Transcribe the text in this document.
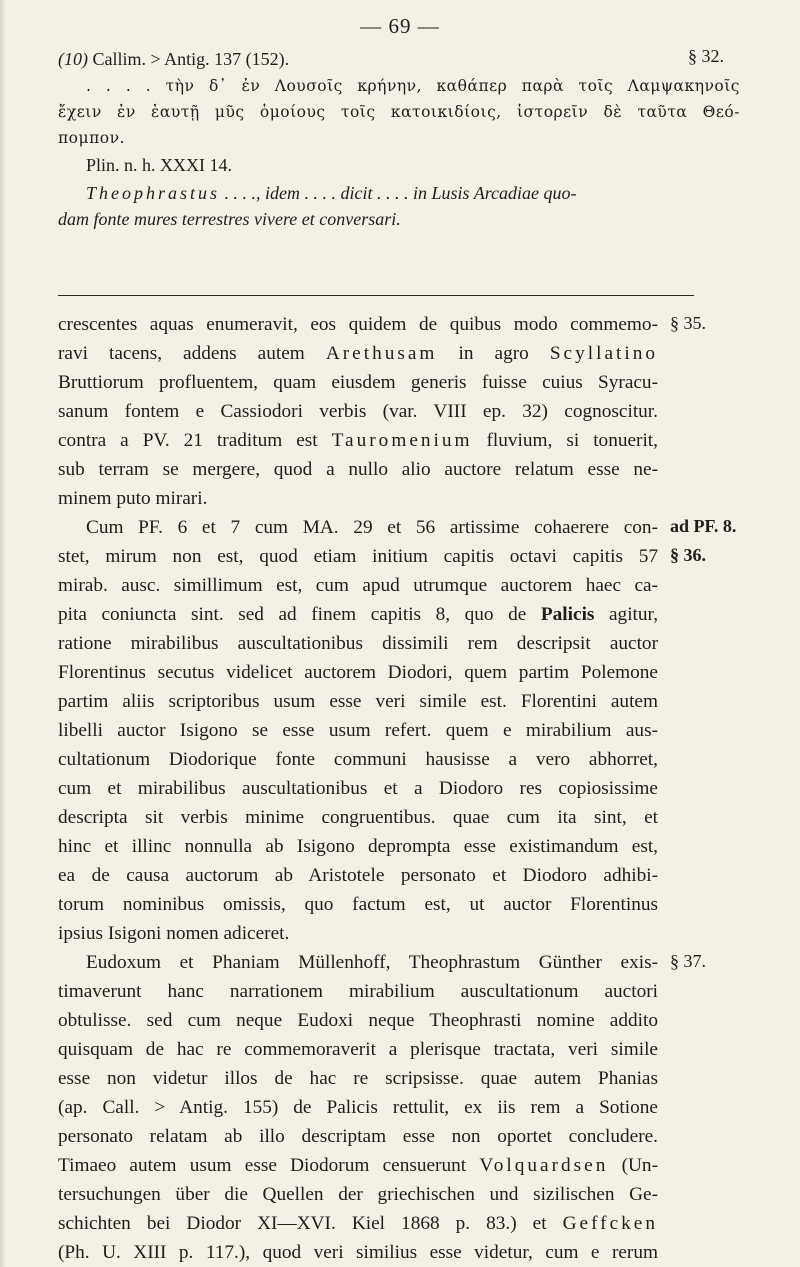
— 69 —
(10) Callim. > Antig. 137 (152).	§ 32.
. . . . τὴν δ᾽ ἐν Λουσοῖς κρήνην, καθάπερ παρὰ τοῖς Λαμψακηνοῖς
ἔχειν ἐν ἑαυτῇ μῦς ὁμοίους τοῖς κατοικιδίοις, ἱστορεῖν δὲ ταῦτα Θεό-
πομπον.
Plin. n. h. XXXI 14.
Theophrastus . . . ., idem . . . . dicit . . . . in Lusis Arcadiae quo-
dam fonte mures terrestres vivere et conversari.
crescentes aquas enumeravit, eos quidem de quibus modo commemo-
ravi tacens, addens autem Arethusam in agro Scyllatino
Bruttiorum profluentem, quam eiusdem generis fuisse cuius Syracu-
sanum fontem e Cassiodori verbis (var. VIII ep. 32) cognoscitur.
contra a PV. 21 traditum est Tauromenium fluvium, si tonuerit,
sub terram se mergere, quod a nullo alio auctore relatum esse ne-
minem puto mirari.
Cum PF. 6 et 7 cum MA. 29 et 56 artissime cohaerere con-
stet, mirum non est, quod etiam initium capitis octavi capitis 57
mirab. ausc. simillimum est, cum apud utrumque auctorem haec ca-
pita coniuncta sint. sed ad finem capitis 8, quo de Palicis agitur,
ratione mirabilibus auscultationibus dissimili rem descripsit auctor
Florentinus secutus videlicet auctorem Diodori, quem partim Polemone
partim aliis scriptoribus usum esse veri simile est. Florentini autem
libelli auctor Isigono se esse usum refert. quem e mirabilium aus-
cultationum Diodorique fonte communi hausisse a vero abhorret,
cum et mirabilibus auscultationibus et a Diodoro res copiosissime
descripta sit verbis minime congruentibus. quae cum ita sint, et
hinc et illinc nonnulla ab Isigono deprompta esse existimandum est,
ea de causa auctorum ab Aristotele personato et Diodoro adhibi-
torum nominibus omissis, quo factum est, ut auctor Florentinus
ipsius Isigoni nomen adiceret.
Eudoxum et Phaniam Müllenhoff, Theophrastum Günther exis-
timaverunt hanc narrationem mirabilium auscultationum auctori
obtulisse. sed cum neque Eudoxi neque Theophrasti nomine addito
quisquam de hac re commemoraverit a plerisque tractata, veri simile
esse non videtur illos de hac re scripsisse. quae autem Phanias
(ap. Call. > Antig. 155) de Palicis rettulit, ex iis rem a Sotione
personato relatam ab illo descriptam esse non oportet concludere.
Timaeo autem usum esse Diodorum censuerunt Volquardsen (Un-
tersuchungen über die Quellen der griechischen und sizilischen Ge-
schichten bei Diodor XI—XVI. Kiel 1868 p. 83.) et Geffcken
(Ph. U. XIII p. 117.), quod veri similius esse videtur, cum e rerum
§ 35.
ad PF. 8.
§ 36.
§ 37.
